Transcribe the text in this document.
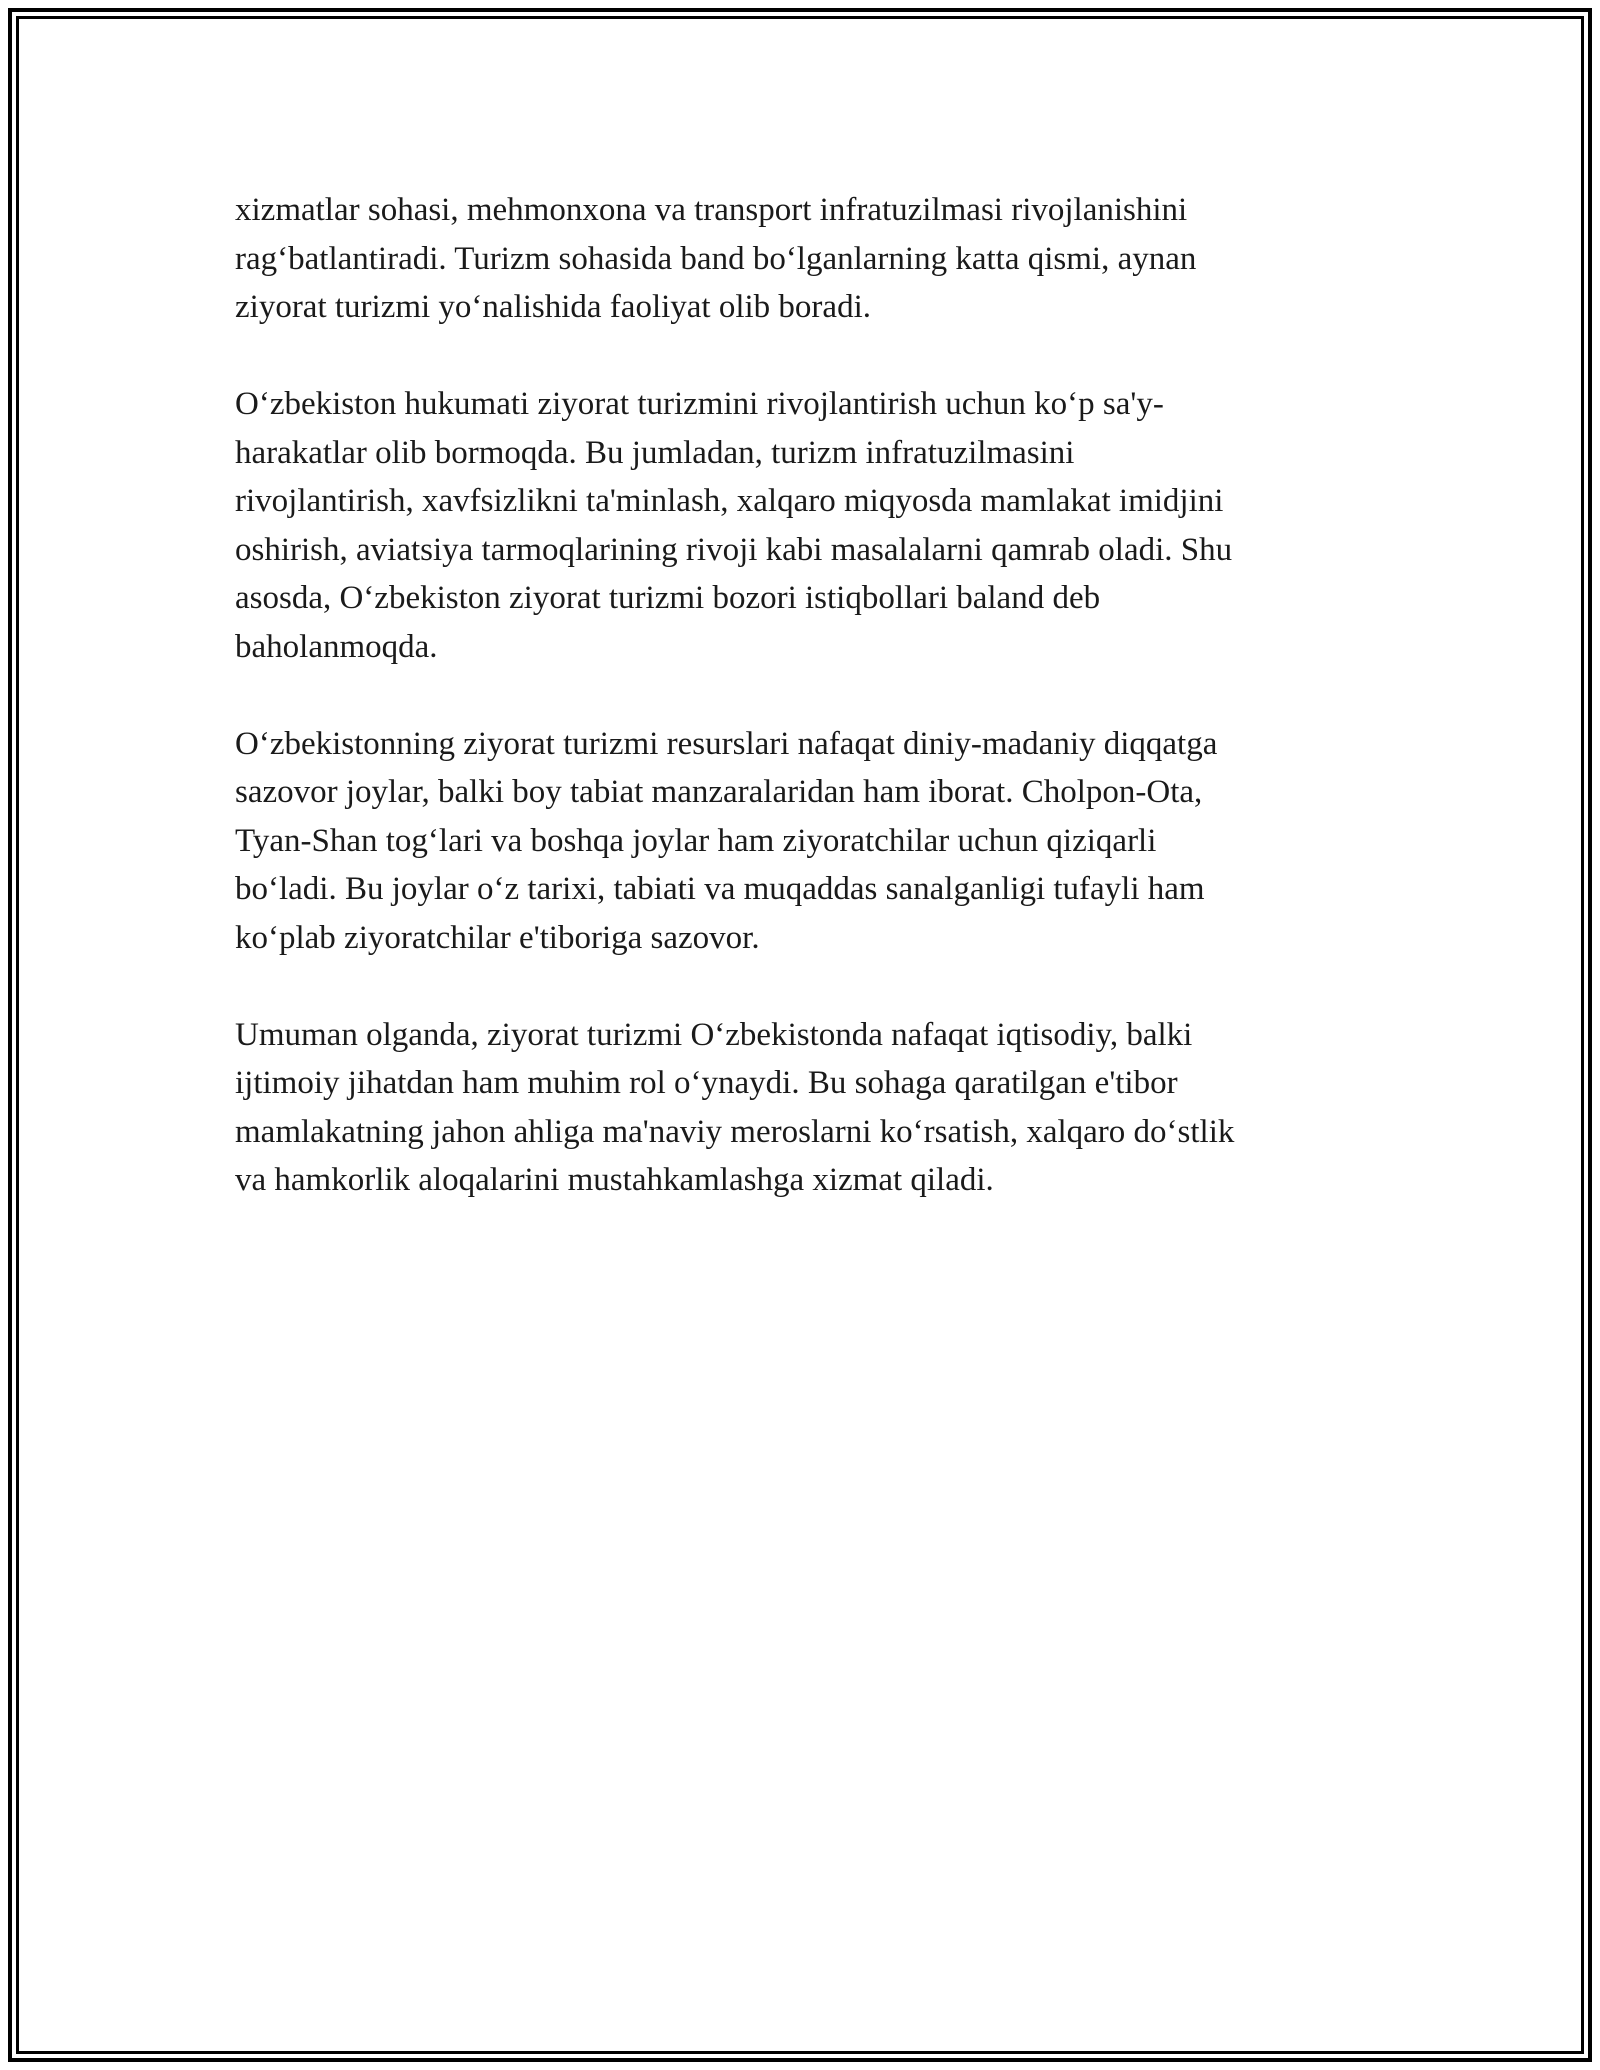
xizmatlar sohasi, mehmonxona va transport infratuzilmasi rivojlanishini
rag‘batlantiradi. Turizm sohasida band bo‘lganlarning katta qismi, aynan
ziyorat turizmi yo‘nalishida faoliyat olib boradi.

O‘zbekiston hukumati ziyorat turizmini rivojlantirish uchun ko‘p sa'y-
harakatlar olib bormoqda. Bu jumladan, turizm infratuzilmasini
rivojlantirish, xavfsizlikni ta'minlash, xalqaro miqyosda mamlakat imidjini
oshirish, aviatsiya tarmoqlarining rivoji kabi masalalarni qamrab oladi. Shu
asosda, O‘zbekiston ziyorat turizmi bozori istiqbollari baland deb
baholanmoqda.

O‘zbekistonning ziyorat turizmi resurslari nafaqat diniy-madaniy diqqatga
sazovor joylar, balki boy tabiat manzaralaridan ham iborat. Cholpon-Ota,
Tyan-Shan tog‘lari va boshqa joylar ham ziyoratchilar uchun qiziqarli
bo‘ladi. Bu joylar o‘z tarixi, tabiati va muqaddas sanalganligi tufayli ham
ko‘plab ziyoratchilar e'tiboriga sazovor.

Umuman olganda, ziyorat turizmi O‘zbekistonda nafaqat iqtisodiy, balki
ijtimoiy jihatdan ham muhim rol o‘ynaydi. Bu sohaga qaratilgan e'tibor
mamlakatning jahon ahliga ma'naviy meroslarni ko‘rsatish, xalqaro do‘stlik
va hamkorlik aloqalarini mustahkamlashga xizmat qiladi.
